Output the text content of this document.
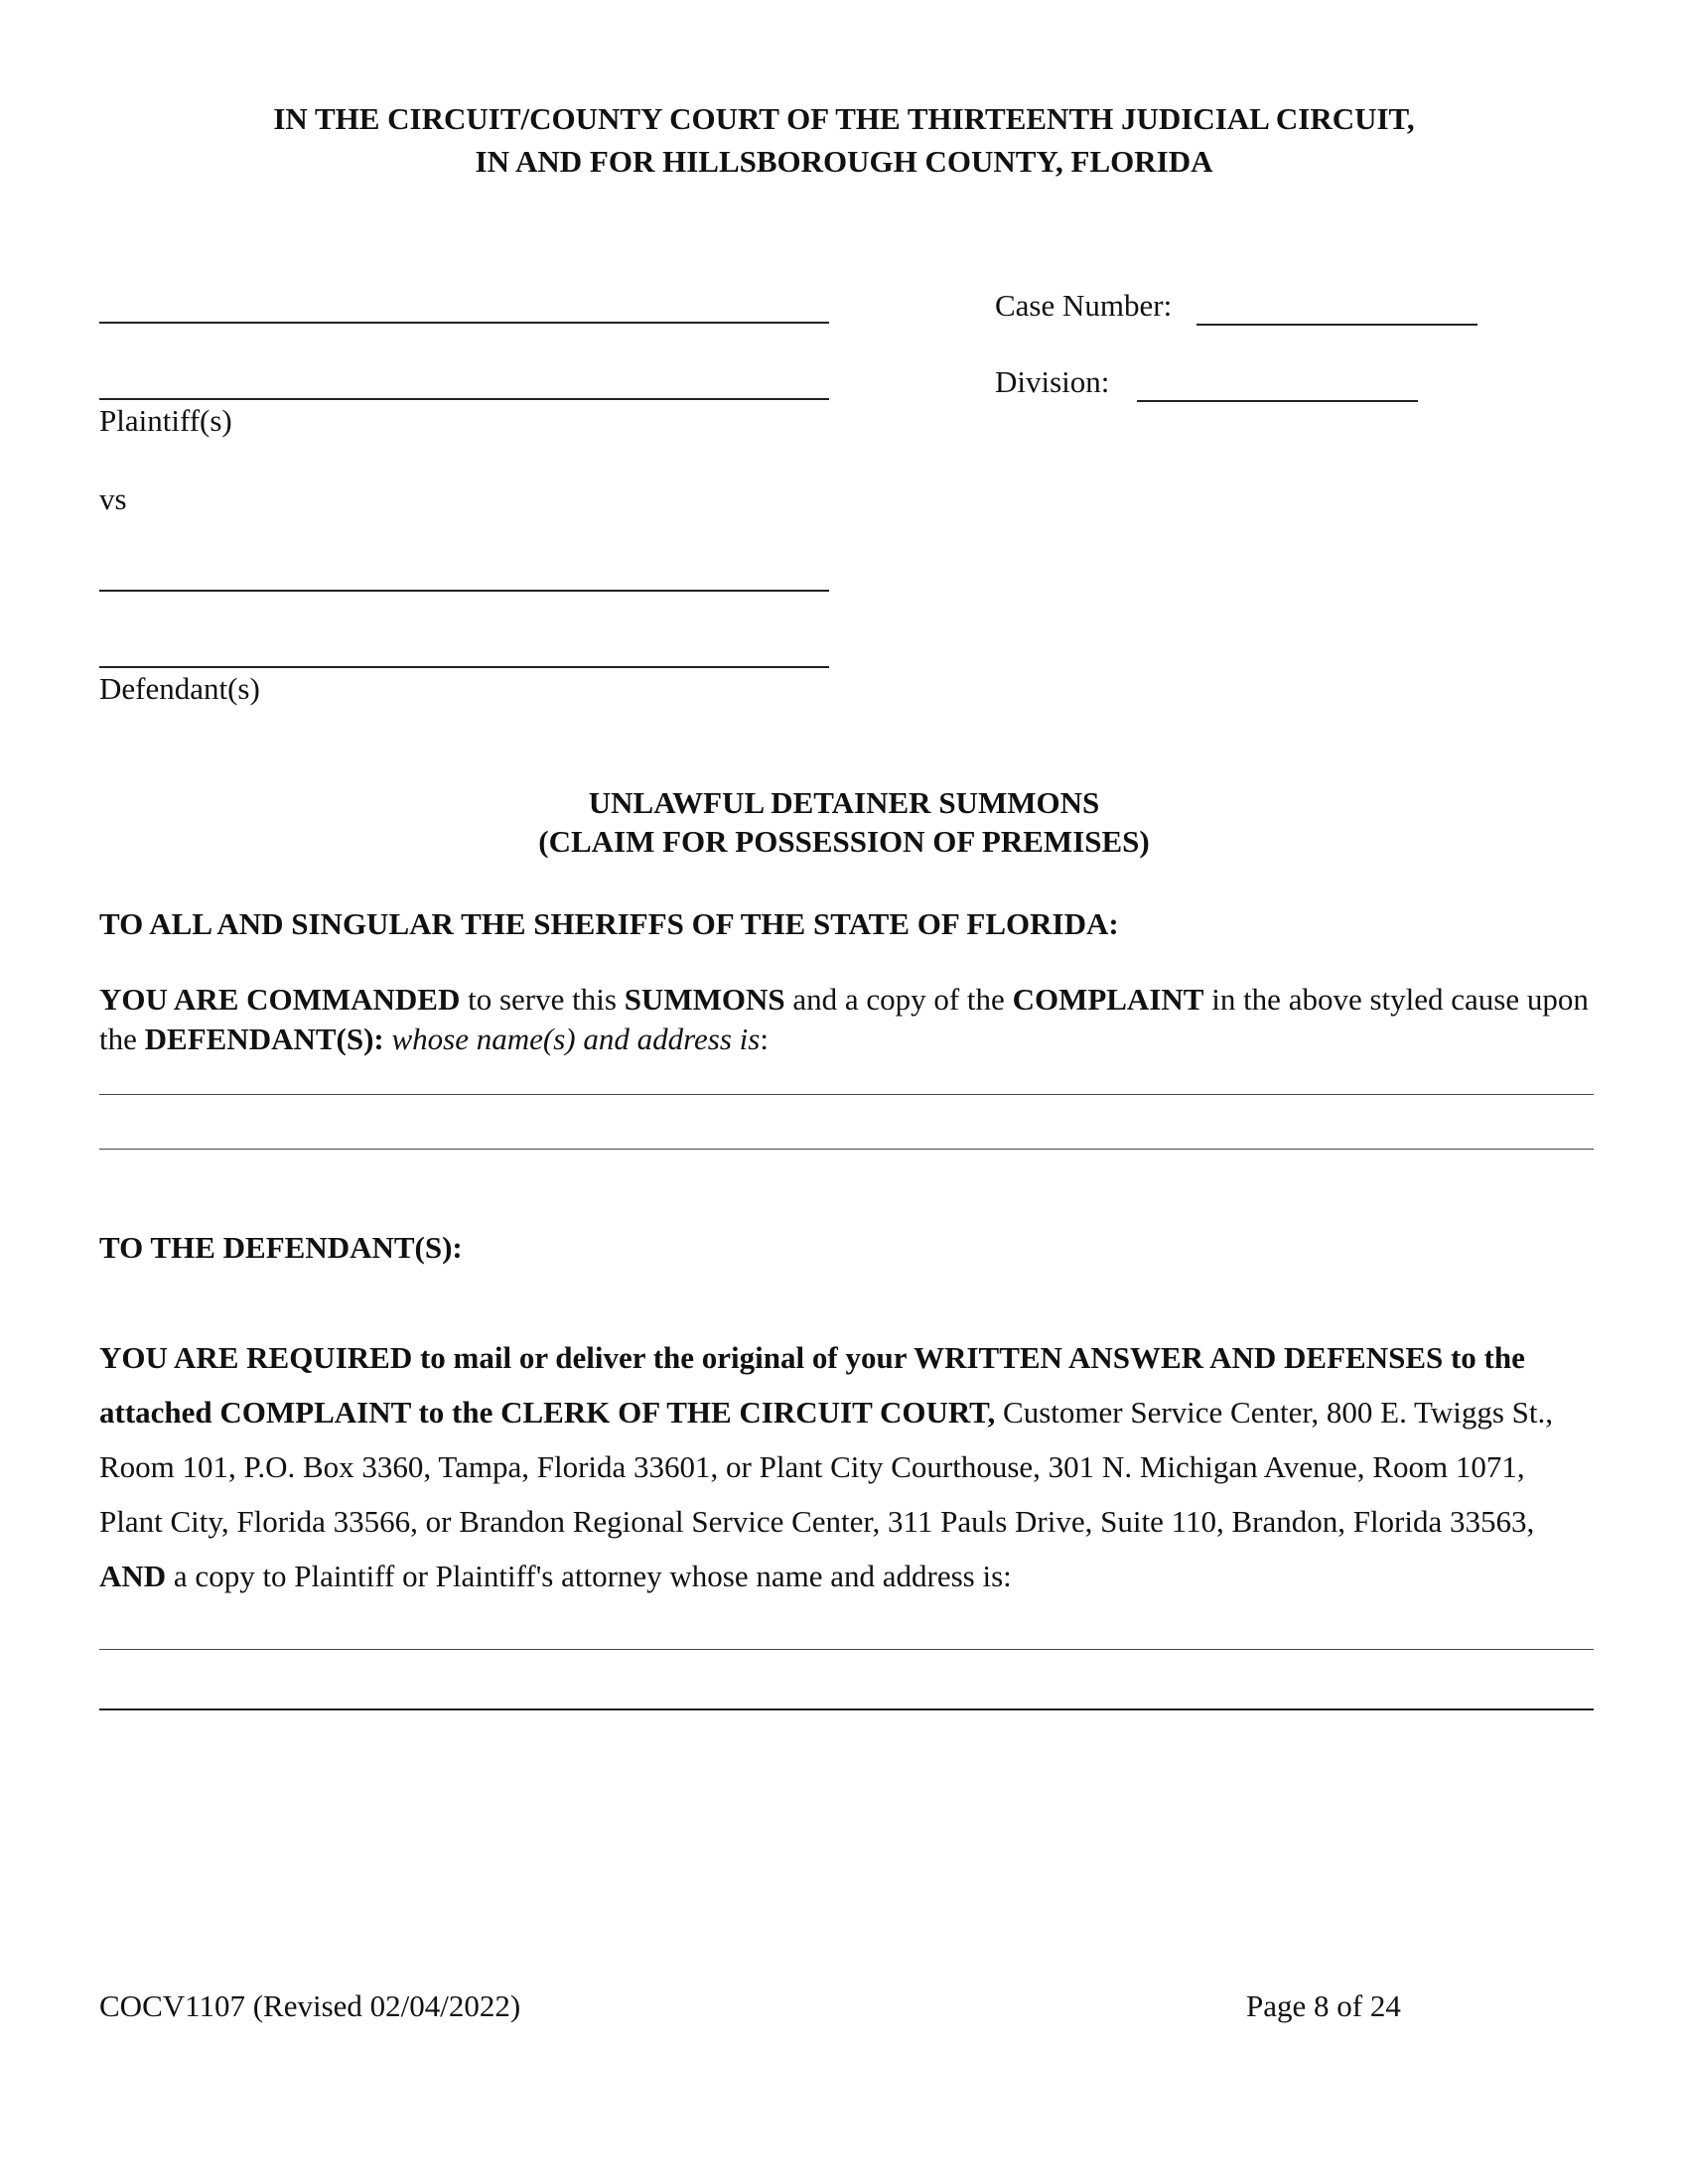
IN THE CIRCUIT/COUNTY COURT OF THE THIRTEENTH JUDICIAL CIRCUIT,
IN AND FOR HILLSBOROUGH COUNTY, FLORIDA
Plaintiff(s)
vs
Defendant(s)
Case Number:
Division:
UNLAWFUL DETAINER SUMMONS
(CLAIM FOR POSSESSION OF PREMISES)
TO ALL AND SINGULAR THE SHERIFFS OF THE STATE OF FLORIDA:
YOU ARE COMMANDED to serve this SUMMONS and a copy of the COMPLAINT in the above styled cause upon the DEFENDANT(S): whose name(s) and address is:
TO THE DEFENDANT(S):
YOU ARE REQUIRED to mail or deliver the original of your WRITTEN ANSWER AND DEFENSES to the attached COMPLAINT to the CLERK OF THE CIRCUIT COURT, Customer Service Center, 800 E. Twiggs St., Room 101, P.O. Box 3360, Tampa, Florida 33601, or Plant City Courthouse, 301 N. Michigan Avenue, Room 1071, Plant City, Florida 33566, or Brandon Regional Service Center, 311 Pauls Drive, Suite 110, Brandon, Florida 33563, AND a copy to Plaintiff or Plaintiff's attorney whose name and address is:
COCV1107 (Revised 02/04/2022)	Page 8 of 24
